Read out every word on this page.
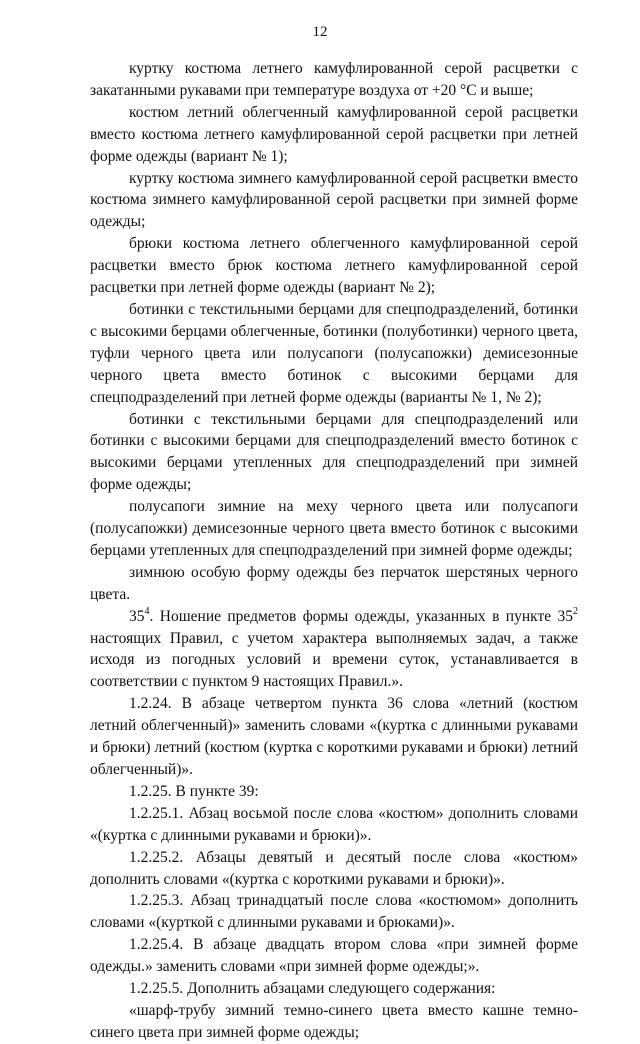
12

куртку костюма летнего камуфлированной серой расцветки с закатанными рукавами при температуре воздуха от +20 °С и выше;

костюм летний облегченный камуфлированной серой расцветки вместо костюма летнего камуфлированной серой расцветки при летней форме одежды (вариант № 1);

куртку костюма зимнего камуфлированной серой расцветки вместо костюма зимнего камуфлированной серой расцветки при зимней форме одежды;

брюки костюма летнего облегченного камуфлированной серой расцветки вместо брюк костюма летнего камуфлированной серой расцветки при летней форме одежды (вариант № 2);

ботинки с текстильными берцами для спецподразделений, ботинки с высокими берцами облегченные, ботинки (полуботинки) черного цвета, туфли черного цвета или полусапоги (полусапожки) демисезонные черного цвета вместо ботинок с высокими берцами для спецподразделений при летней форме одежды (варианты № 1, № 2);

ботинки с текстильными берцами для спецподразделений или ботинки с высокими берцами для спецподразделений вместо ботинок с высокими берцами утепленных для спецподразделений при зимней форме одежды;

полусапоги зимние на меху черного цвета или полусапоги (полусапожки) демисезонные черного цвета вместо ботинок с высокими берцами утепленных для спецподразделений при зимней форме одежды;

зимнюю особую форму одежды без перчаток шерстяных черного цвета.

$35^4$. Ношение предметов формы одежды, указанных в пункте $35^2$ настоящих Правил, с учетом характера выполняемых задач, а также исходя из погодных условий и времени суток, устанавливается в соответствии с пунктом 9 настоящих Правил.».

1.2.24. В абзаце четвертом пункта 36 слова «летний (костюм летний облегченный)» заменить словами «(куртка с длинными рукавами и брюки) летний (костюм (куртка с короткими рукавами и брюки) летний облегченный)».

1.2.25. В пункте 39:

1.2.25.1. Абзац восьмой после слова «костюм» дополнить словами «(куртка с длинными рукавами и брюки)».

1.2.25.2. Абзацы девятый и десятый после слова «костюм» дополнить словами «(куртка с короткими рукавами и брюки)».

1.2.25.3. Абзац тринадцатый после слова «костюмом» дополнить словами «(курткой с длинными рукавами и брюками)».

1.2.25.4. В абзаце двадцать втором слова «при зимней форме одежды.» заменить словами «при зимней форме одежды;».

1.2.25.5. Дополнить абзацами следующего содержания:

«шарф-трубу зимний темно-синего цвета вместо кашне темно-синего цвета при зимней форме одежды;
